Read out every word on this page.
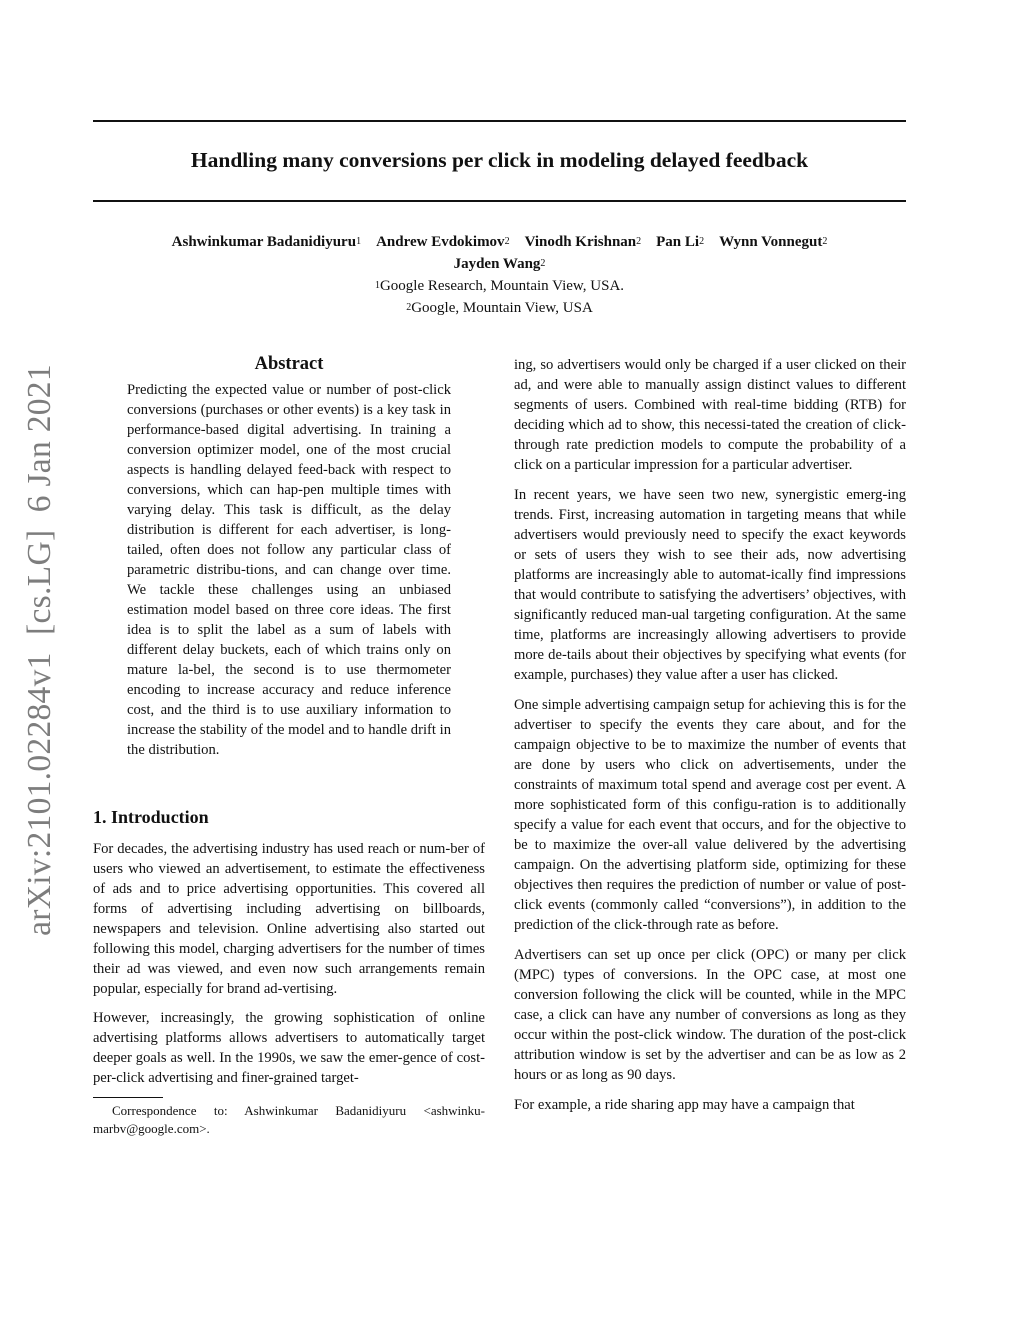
Handling many conversions per click in modeling delayed feedback
Ashwinkumar Badanidiyuru$^1$ Andrew Evdokimov$^2$ Vinodh Krishnan$^2$ Pan Li$^2$ Wynn Vonnegut$^2$
Jayden Wang$^2$
$^1$Google Research, Mountain View, USA.
$^2$Google, Mountain View, USA
arXiv:2101.02284v1  [cs.LG]  6 Jan 2021
Abstract

Predicting the expected value or number of post-click conversions (purchases or other events) is a key task in performance-based digital advertising. In training a conversion optimizer model, one of the most crucial aspects is handling delayed feed-back with respect to conversions, which can hap-pen multiple times with varying delay. This task is difficult, as the delay distribution is different for each advertiser, is long-tailed, often does not follow any particular class of parametric distribu-tions, and can change over time. We tackle these challenges using an unbiased estimation model based on three core ideas. The first idea is to split the label as a sum of labels with different delay buckets, each of which trains only on mature la-bel, the second is to use thermometer encoding to increase accuracy and reduce inference cost, and the third is to use auxiliary information to increase the stability of the model and to handle drift in the distribution.

1. Introduction

For decades, the advertising industry has used reach or num-ber of users who viewed an advertisement, to estimate the effectiveness of ads and to price advertising opportunities. This covered all forms of advertising including advertising on billboards, newspapers and television. Online advertising also started out following this model, charging advertisers for the number of times their ad was viewed, and even now such arrangements remain popular, especially for brand ad-vertising.

However, increasingly, the growing sophistication of online advertising platforms allows advertisers to automatically target deeper goals as well. In the 1990s, we saw the emer-gence of cost-per-click advertising and finer-grained target-

Correspondence to: Ashwinkumar Badanidiyuru <ashwinku-marbv@google.com>.

ing, so advertisers would only be charged if a user clicked on their ad, and were able to manually assign distinct values to different segments of users. Combined with real-time bidding (RTB) for deciding which ad to show, this necessi-tated the creation of click-through rate prediction models to compute the probability of a click on a particular impression for a particular advertiser.

In recent years, we have seen two new, synergistic emerg-ing trends. First, increasing automation in targeting means that while advertisers would previously need to specify the exact keywords or sets of users they wish to see their ads, now advertising platforms are increasingly able to automat-ically find impressions that would contribute to satisfying the advertisers’ objectives, with significantly reduced man-ual targeting configuration. At the same time, platforms are increasingly allowing advertisers to provide more de-tails about their objectives by specifying what events (for example, purchases) they value after a user has clicked.

One simple advertising campaign setup for achieving this is for the advertiser to specify the events they care about, and for the campaign objective to be to maximize the number of events that are done by users who click on advertisements, under the constraints of maximum total spend and average cost per event. A more sophisticated form of this configu-ration is to additionally specify a value for each event that occurs, and for the objective to be to maximize the over-all value delivered by the advertising campaign. On the advertising platform side, optimizing for these objectives then requires the prediction of number or value of post-click events (commonly called “conversions”), in addition to the prediction of the click-through rate as before.

Advertisers can set up once per click (OPC) or many per click (MPC) types of conversions. In the OPC case, at most one conversion following the click will be counted, while in the MPC case, a click can have any number of conversions as long as they occur within the post-click window. The duration of the post-click attribution window is set by the advertiser and can be as low as 2 hours or as long as 90 days.

For example, a ride sharing app may have a campaign that
